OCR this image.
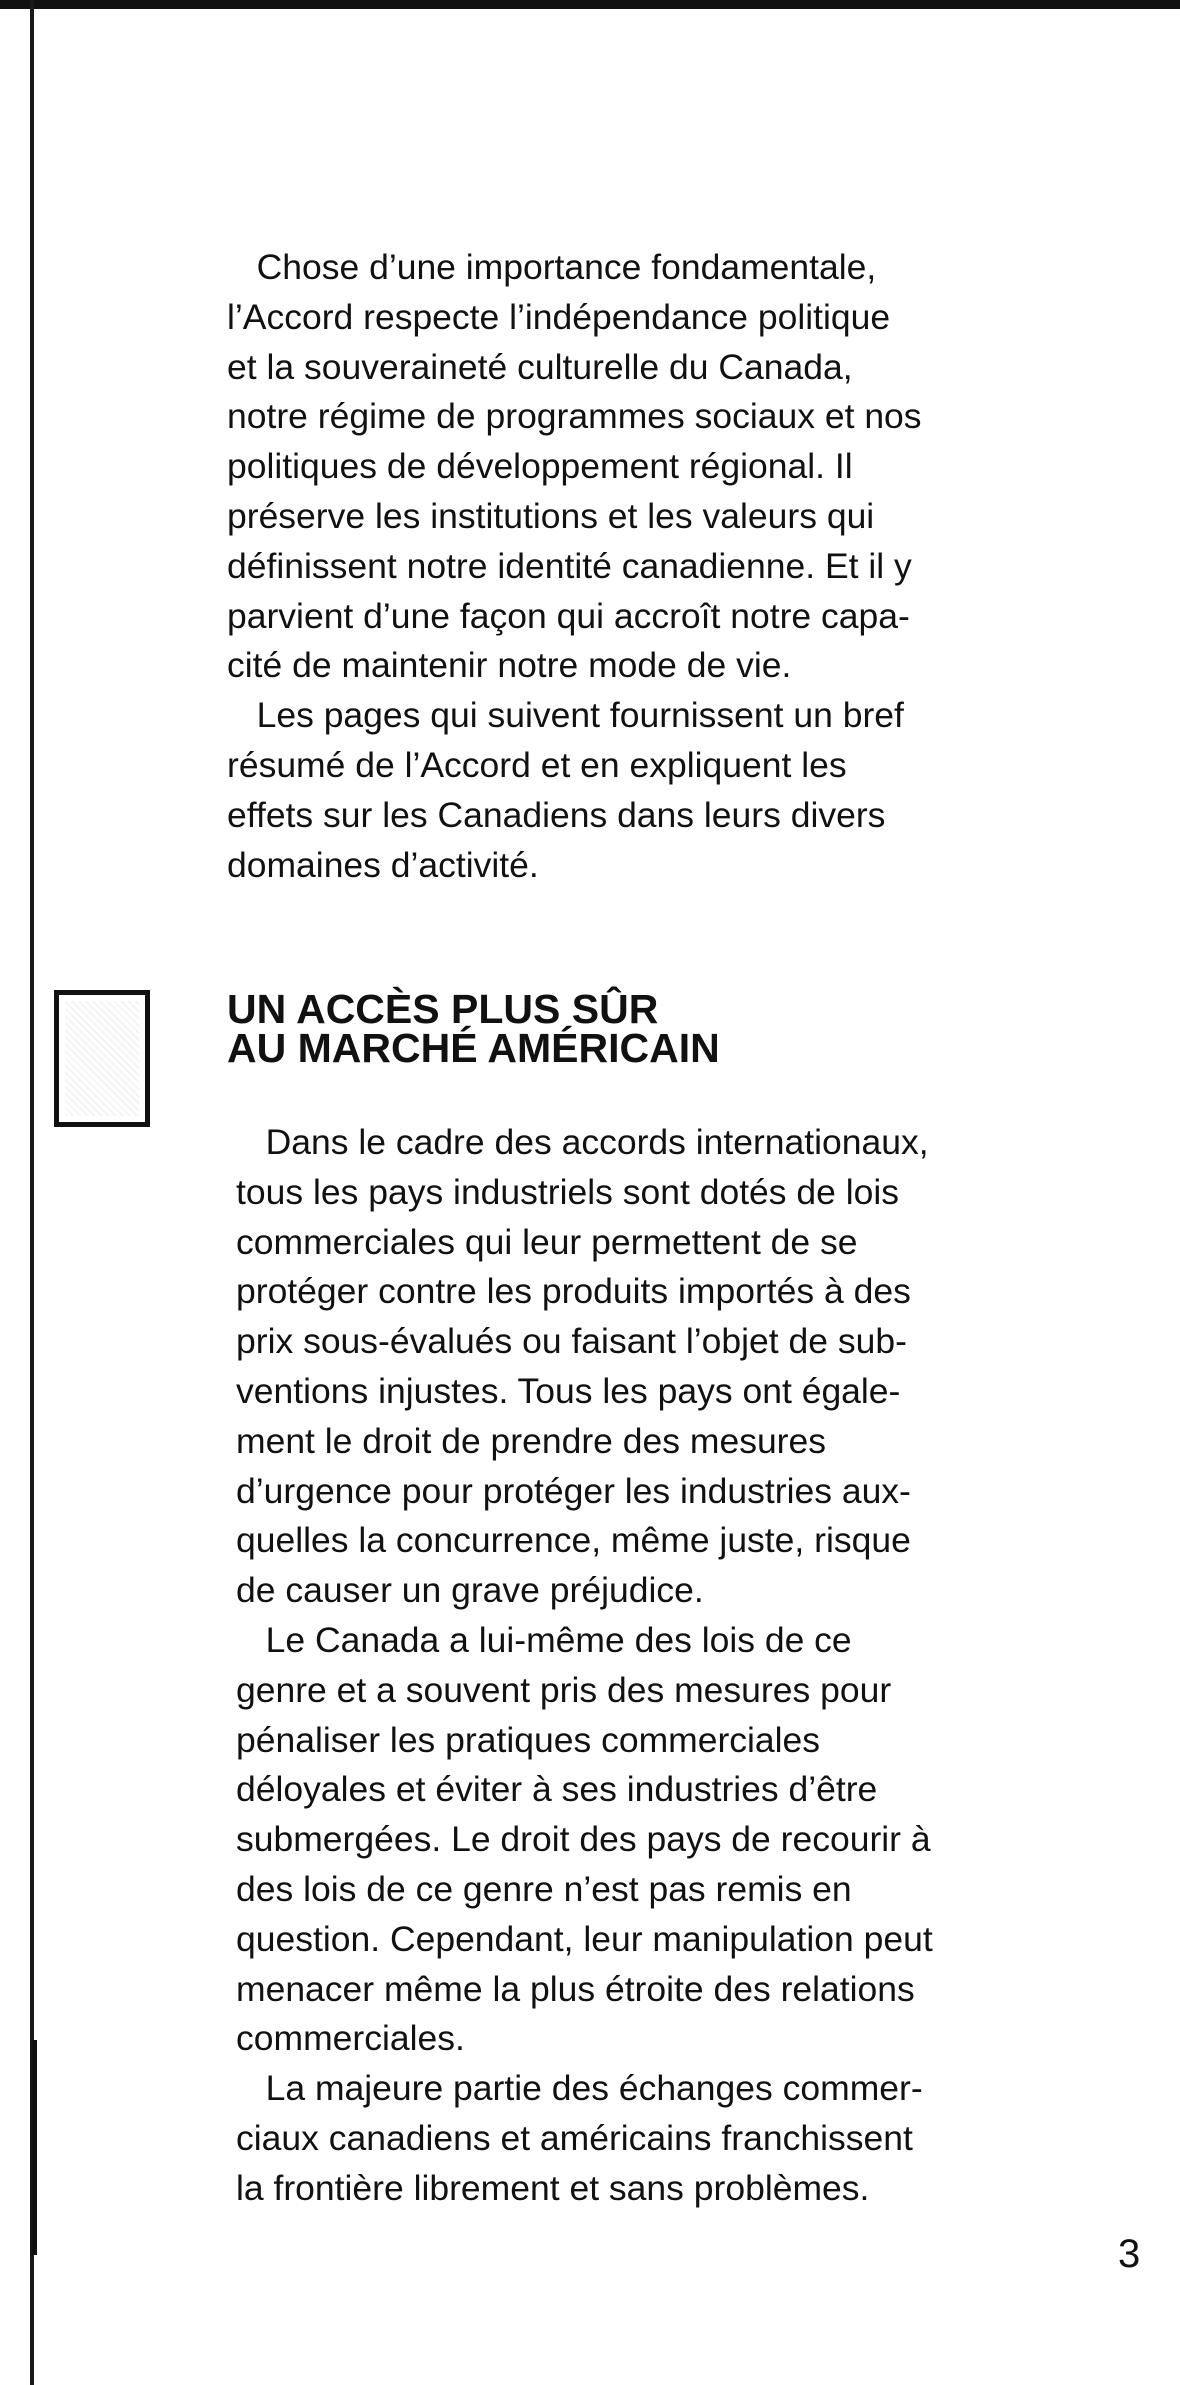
Chose d’une importance fondamentale,
l’Accord respecte l’indépendance politique
et la souveraineté culturelle du Canada,
notre régime de programmes sociaux et nos
politiques de développement régional. Il
préserve les institutions et les valeurs qui
définissent notre identité canadienne. Et il y
parvient d’une façon qui accroît notre capa-
cité de maintenir notre mode de vie.

Les pages qui suivent fournissent un bref
résumé de l’Accord et en expliquent les
effets sur les Canadiens dans leurs divers
domaines d’activité.

UN ACCÈS PLUS SÛR
AU MARCHÉ AMÉRICAIN

Dans le cadre des accords internationaux,
tous les pays industriels sont dotés de lois
commerciales qui leur permettent de se
protéger contre les produits importés à des
prix sous-évalués ou faisant l’objet de sub-
ventions injustes. Tous les pays ont égale-
ment le droit de prendre des mesures
d’urgence pour protéger les industries aux-
quelles la concurrence, même juste, risque
de causer un grave préjudice.

Le Canada a lui-même des lois de ce
genre et a souvent pris des mesures pour
pénaliser les pratiques commerciales
déloyales et éviter à ses industries d’être
submergées. Le droit des pays de recourir à
des lois de ce genre n’est pas remis en
question. Cependant, leur manipulation peut
menacer même la plus étroite des relations
commerciales.

La majeure partie des échanges commer-
ciaux canadiens et américains franchissent
la frontière librement et sans problèmes.

3
